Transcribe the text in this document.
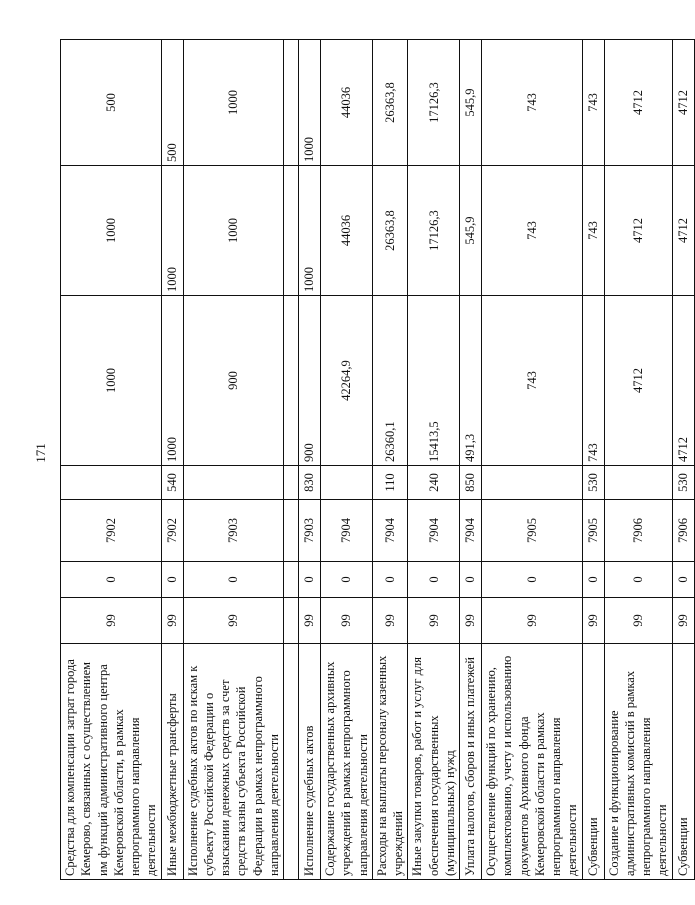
171
Средства для компенсации затрат города Кемерово, связанных с осуществлением им функций административного центра Кемеровской области, в рамках непрограммного направления деятельности	99	0	7902		1000	1000	500
Иные межбюджетные трансферты	99	0	7902	540	1000	1000	500
Исполнение судебных актов по искам к субъекту Российской Федерации о взыскании денежных средств за счет средств казны субъекта Российской Федерации в рамках непрограммного направления деятельности	99	0	7903		900	1000	1000

Исполнение судебных актов	99	0	7903	830	900	1000	1000
Содержание государственных архивных учреждений в рамках непрограммного направления деятельности	99	0	7904		42264,9	44036	44036
Расходы на выплаты персоналу казенных учреждений	99	0	7904	110	26360,1	26363,8	26363,8
Иные закупки товаров, работ и услуг для обеспечения государственных (муниципальных) нужд	99	0	7904	240	15413,5	17126,3	17126,3
Уплата налогов, сборов и иных платежей	99	0	7904	850	491,3	545,9	545,9
Осуществление функций по хранению, комплектованию, учету и использованию документов Архивного фонда Кемеровской области в рамках непрограммного направления деятельности	99	0	7905		743	743	743
Субвенции	99	0	7905	530	743	743	743
Создание и функционирование административных комиссий в рамках непрограммного направления деятельности	99	0	7906		4712	4712	4712
Субвенции	99	0	7906	530	4712	4712	4712
